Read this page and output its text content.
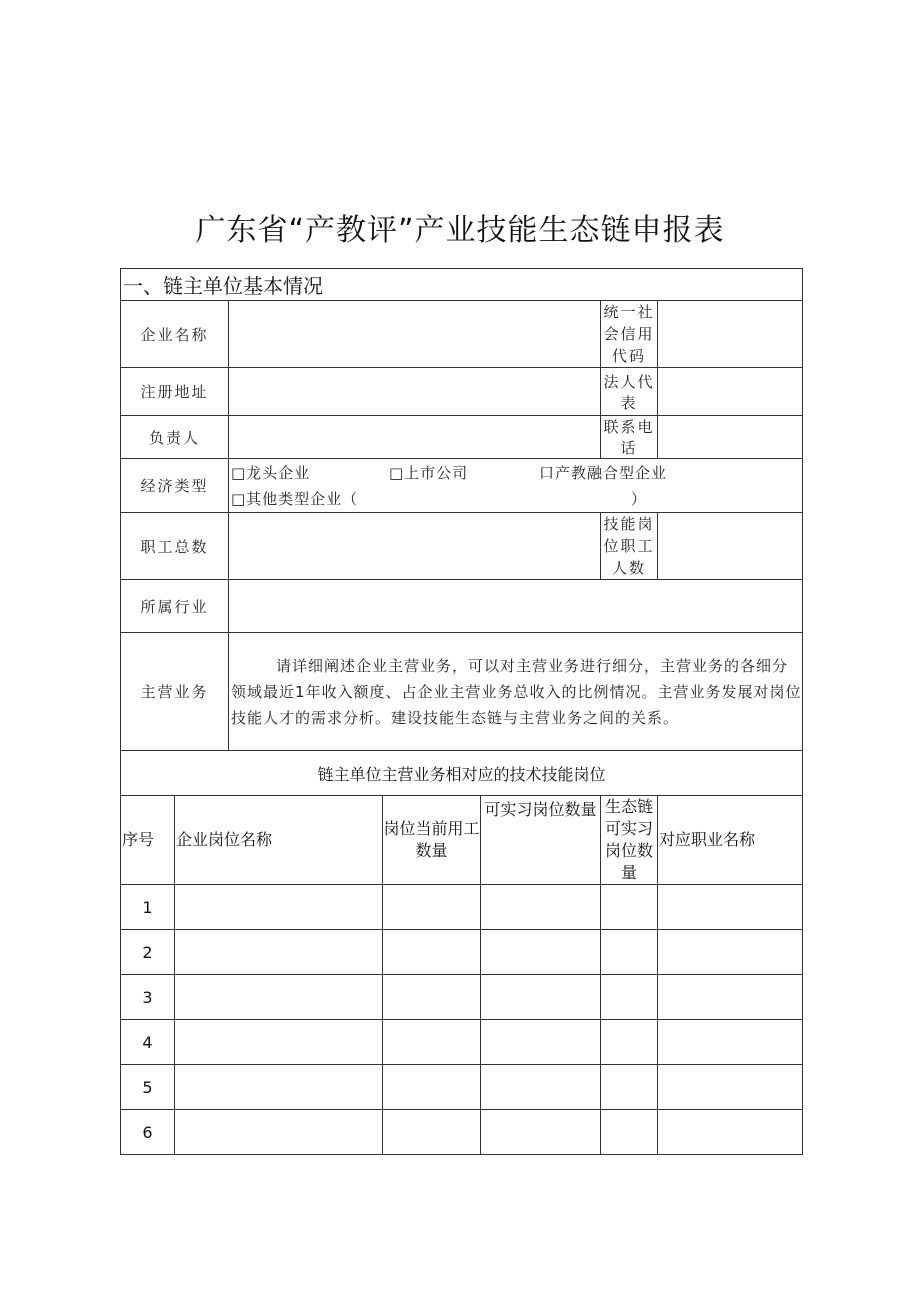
广东省“产教评”产业技能生态链申报表
一、链主单位基本情况						
企业名称					统一社会信用代码	
注册地址					法人代表	
负责人					联系电话	
经济类型		□龙头企业 □上市公司 口产教融合型企业
□其他类型企业（ ）				

职工总数					技能岗位职工人数	
所属行业						
主营业务		请详细阐述企业主营业务，可以对主营业务进行细分，主营业务的各细分领域最近1年收入额度、占企业主营业务总收入的比例情况。主营业务发展对岗位技能人才的需求分析。建设技能生态链与主营业务之间的关系。				
链主单位主营业务相对应的技术技能岗位						
序号	企业岗位名称		岗位当前用工数量	可实习岗位数量	生态链可实习岗位数量	对应职业名称
1						
2						
3						
4						
5						
6						
